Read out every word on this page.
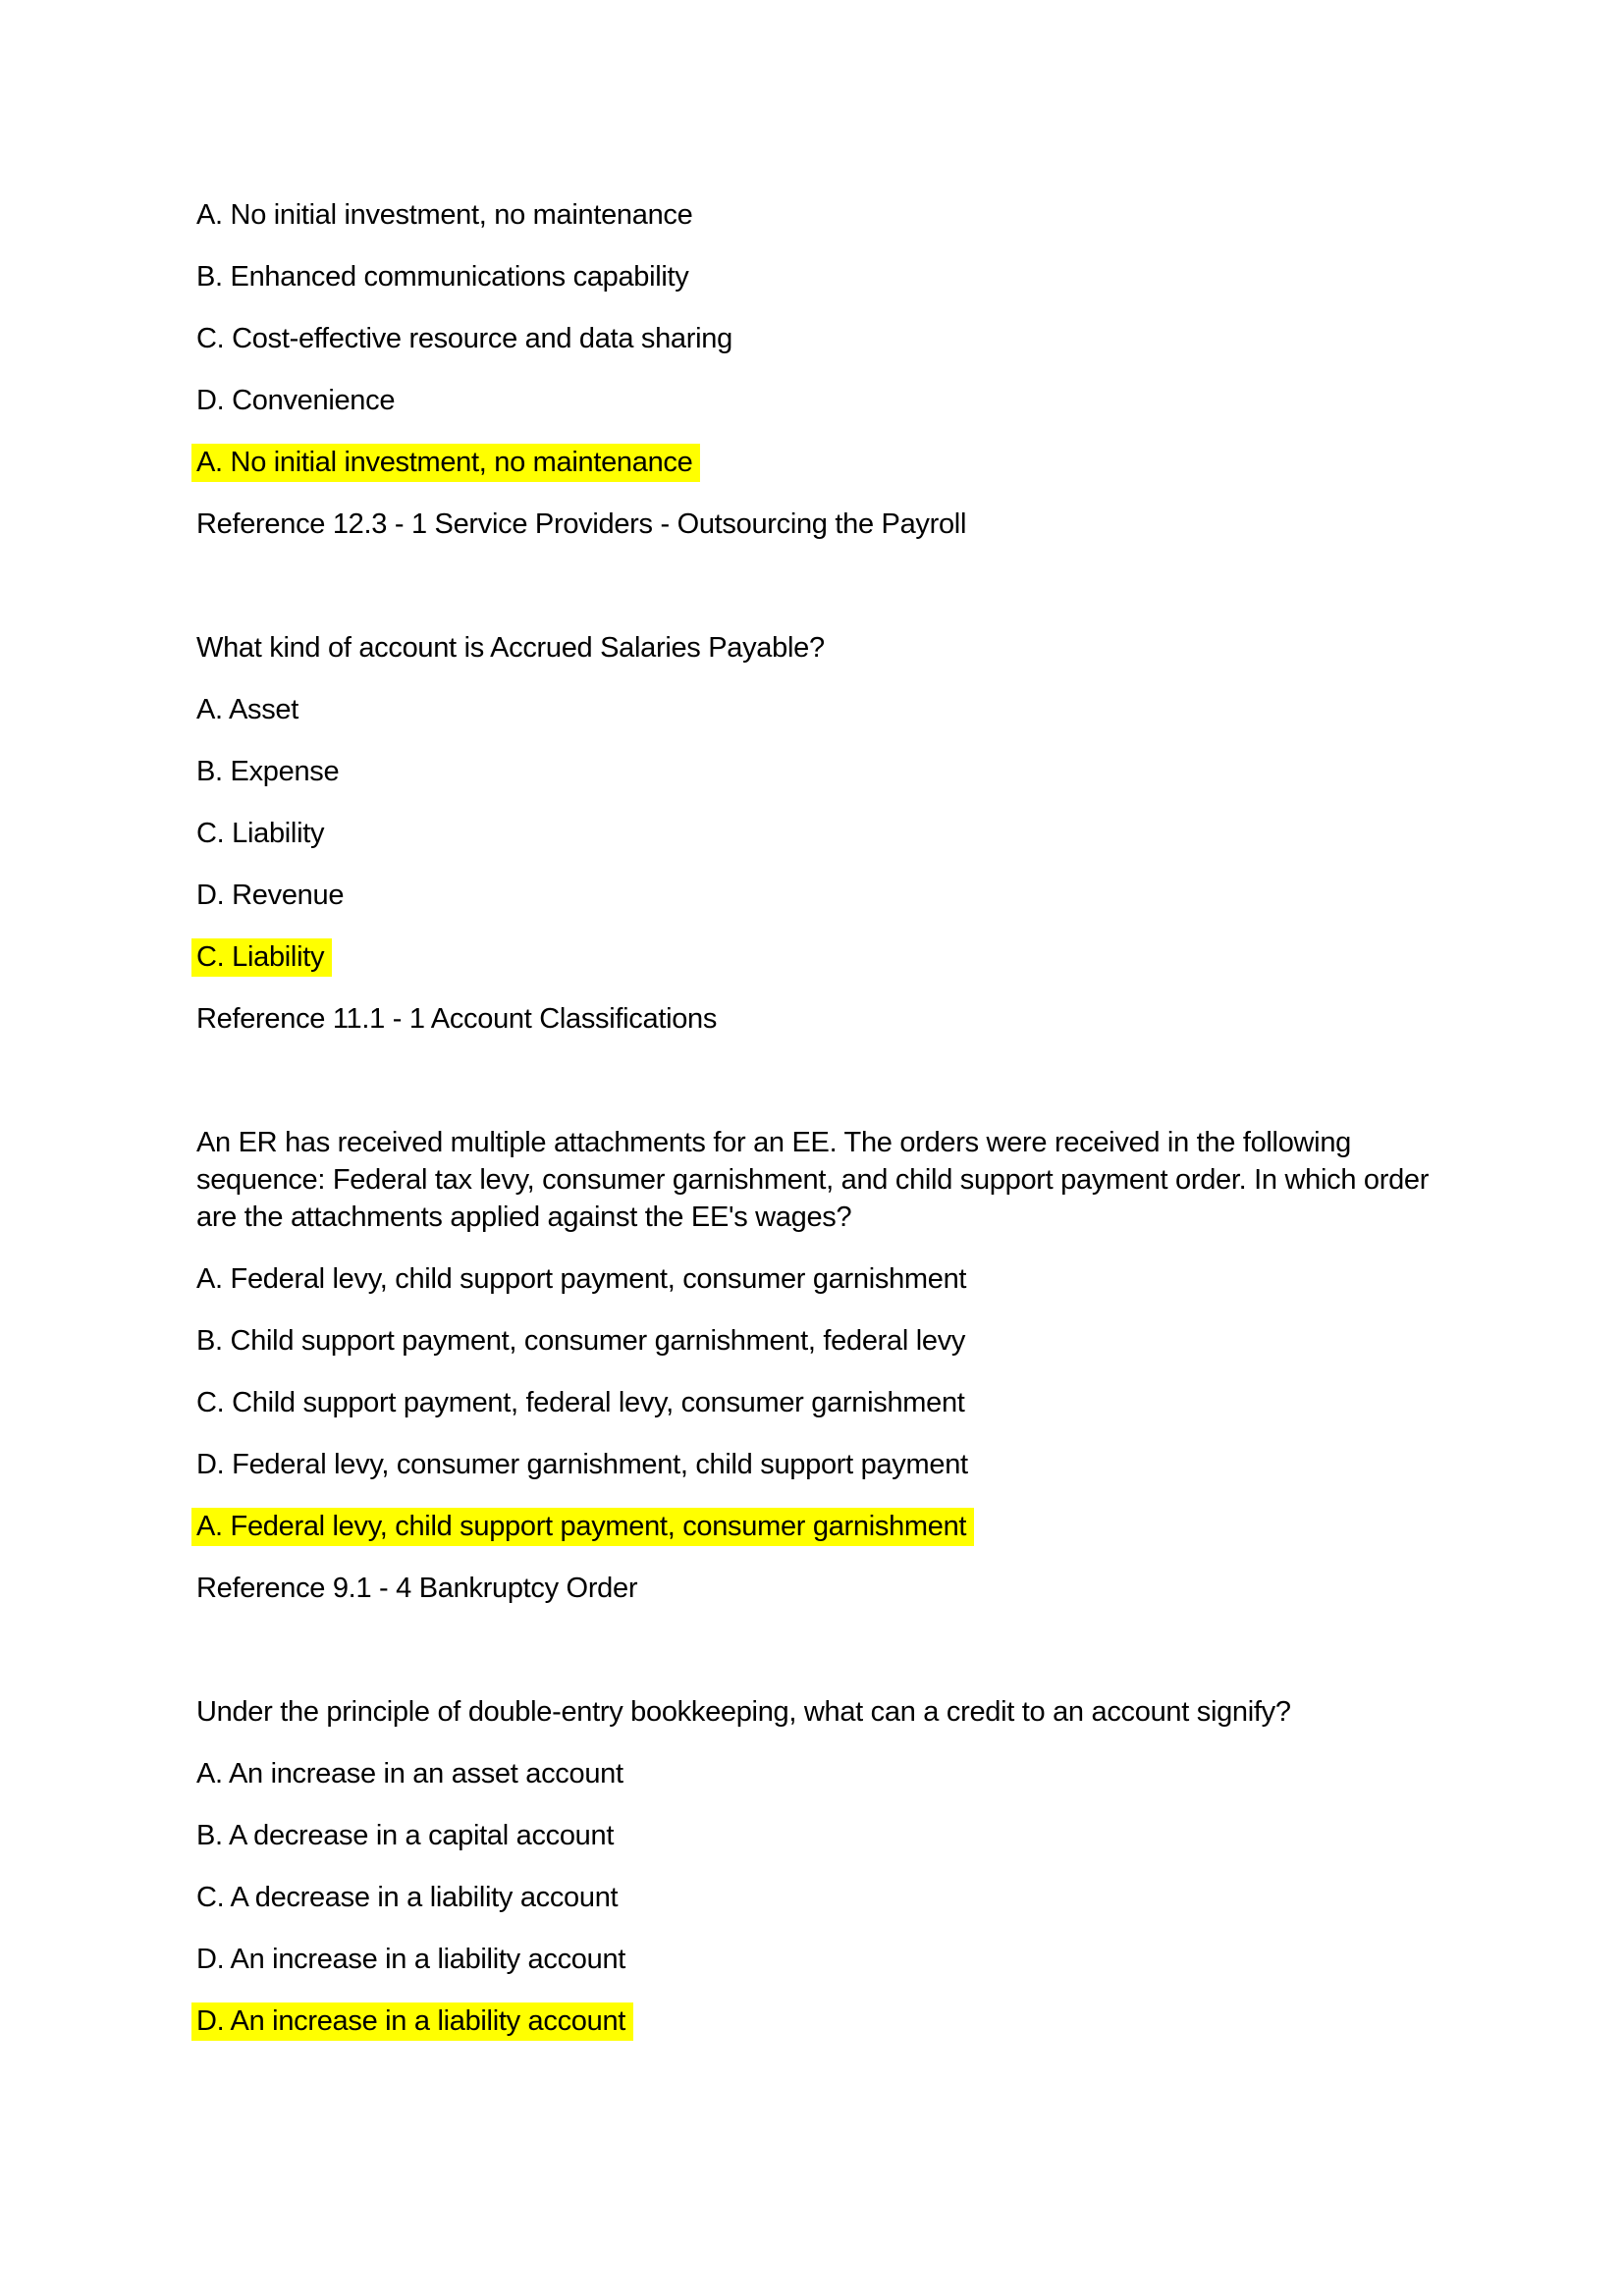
A. No initial investment, no maintenance

B. Enhanced communications capability

C. Cost-effective resource and data sharing

D. Convenience

A. No initial investment, no maintenance

Reference 12.3 - 1 Service Providers - Outsourcing the Payroll

What kind of account is Accrued Salaries Payable?

A. Asset

B. Expense

C. Liability

D. Revenue

C. Liability

Reference 11.1 - 1 Account Classifications

An ER has received multiple attachments for an EE. The orders were received in the following
sequence: Federal tax levy, consumer garnishment, and child support payment order. In which order
are the attachments applied against the EE's wages?

A. Federal levy, child support payment, consumer garnishment

B. Child support payment, consumer garnishment, federal levy

C. Child support payment, federal levy, consumer garnishment

D. Federal levy, consumer garnishment, child support payment

A. Federal levy, child support payment, consumer garnishment

Reference 9.1 - 4 Bankruptcy Order

Under the principle of double-entry bookkeeping, what can a credit to an account signify?

A. An increase in an asset account

B. A decrease in a capital account

C. A decrease in a liability account

D. An increase in a liability account

D. An increase in a liability account
